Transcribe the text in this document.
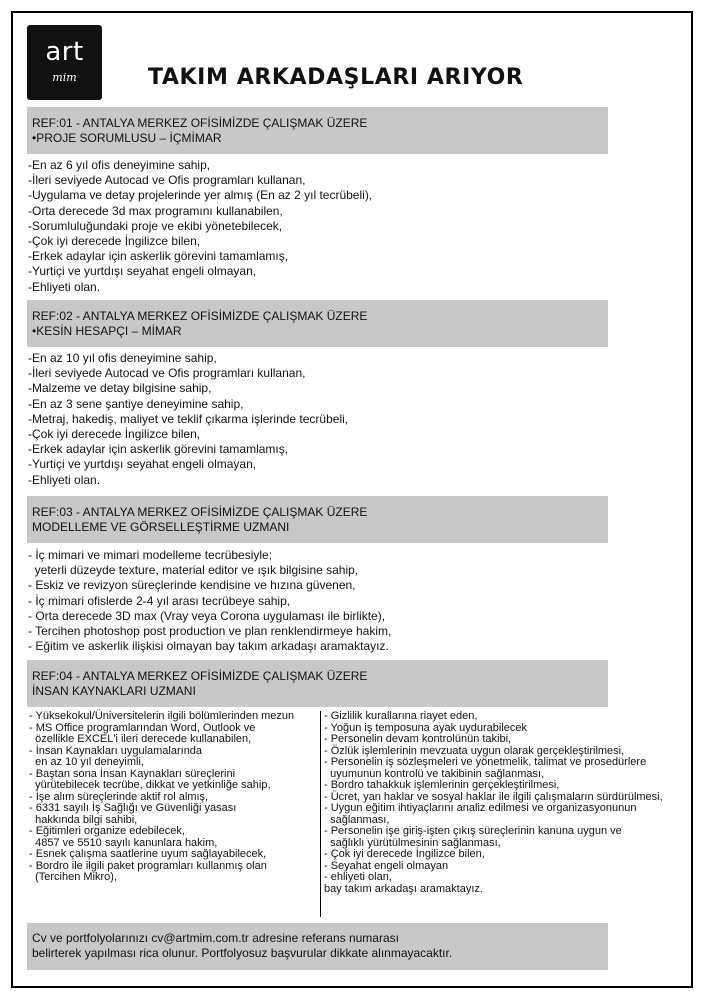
art
mim	TAKIM ARKADAŞLARI ARIYOR
REF:01 - ANTALYA MERKEZ OFİSİMİZDE ÇALIŞMAK ÜZERE
•PROJE SORUMLUSU – İÇMİMAR
-En az 6 yıl ofis deneyimine sahip,
-İleri seviyede Autocad ve Ofis programları kullanan,
-Uygulama ve detay projelerinde yer almış (En az 2 yıl tecrübeli),
-Orta derecede 3d max programını kullanabilen,
-Sorumluluğundaki proje ve ekibi yönetebilecek,
-Çok iyi derecede İngilizce bilen,
-Erkek adaylar için askerlik görevini tamamlamış,
-Yurtiçi ve yurtdışı seyahat engeli olmayan,
-Ehliyeti olan.
REF:02 - ANTALYA MERKEZ OFİSİMİZDE ÇALIŞMAK ÜZERE
•KESİN HESAPÇI – MİMAR
-En az 10 yıl ofis deneyimine sahip,
-İleri seviyede Autocad ve Ofis programları kullanan,
-Malzeme ve detay bilgisine sahip,
-En az 3 sene şantiye deneyimine sahip,
-Metraj, hakediş, maliyet ve teklif çıkarma işlerinde tecrübeli,
-Çok iyi derecede İngilizce bilen,
-Erkek adaylar için askerlik görevini tamamlamış,
-Yurtiçi ve yurtdışı seyahat engeli olmayan,
-Ehliyeti olan.
REF:03 - ANTALYA MERKEZ OFİSİMİZDE ÇALIŞMAK ÜZERE
MODELLEME VE GÖRSELLEŞTİRME UZMANI
- İç mimari ve mimari modelleme tecrübesiyle;
yeterli düzeyde texture, material editor ve ışık bilgisine sahip,
- Eskiz ve revizyon süreçlerinde kendisine ve hızına güvenen,
- İç mimari ofislerde 2-4 yıl arası tecrübeye sahip,
- Orta derecede 3D max (Vray veya Corona uygulaması ile birlikte),
- Tercihen photoshop post production ve plan renklendirmeye hakim,
- Eğitim ve askerlik ilişkisi olmayan bay takım arkadaşı aramaktayız.
REF:04 - ANTALYA MERKEZ OFİSİMİZDE ÇALIŞMAK ÜZERE
İNSAN KAYNAKLARI UZMANI
- Yüksekokul/Üniversitelerin ilgili bölümlerinden mezun
- MS Office programlarından Word, Outlook ve
özellikle EXCEL'i ileri derecede kullanabilen,
- İnsan Kaynakları uygulamalarında
en az 10 yıl deneyimli,
- Baştan sona İnsan Kaynakları süreçlerini
yürütebilecek tecrübe, dikkat ve yetkinliğe sahip,
- İşe alım süreçlerinde aktif rol almış,
- 6331 sayılı İş Sağlığı ve Güvenliği yasası
hakkında bilgi sahibi,
- Eğitimleri organize edebilecek,
4857 ve 5510 sayılı kanunlara hakim,
- Esnek çalışma saatlerine uyum sağlayabilecek,
- Bordro ile ilgili paket programları kullanmış olan
(Tercihen Mikro),
- Gizlilik kurallarına riayet eden,
- Yoğun iş temposuna ayak uydurabilecek
- Personelin devam kontrolünün takibi,
- Özlük işlemlerinin mevzuata uygun olarak gerçekleştirilmesi,
- Personelin iş sözleşmeleri ve yönetmelik, talimat ve prosedürlere
uyumunun kontrolü ve takibinin sağlanması,
- Bordro tahakkuk işlemlerinin gerçekleştirilmesi,
- Ücret, yan haklar ve sosyal haklar ile ilgili çalışmaların sürdürülmesi,
- Uygun eğitim ihtiyaçlarını analiz edilmesi ve organizasyonunun
sağlanması,
- Personelin işe giriş-işten çıkış süreçlerinin kanuna uygun ve
sağlıklı yürütülmesinin sağlanması,
- Çok iyi derecede İngilizce bilen,
- Seyahat engeli olmayan
- ehliyeti olan,
bay takım arkadaşı aramaktayız.
Cv ve portfolyolarınızı cv@artmim.com.tr adresine referans numarası
belirterek yapılması rica olunur. Portfolyosuz başvurular dikkate alınmayacaktır.
